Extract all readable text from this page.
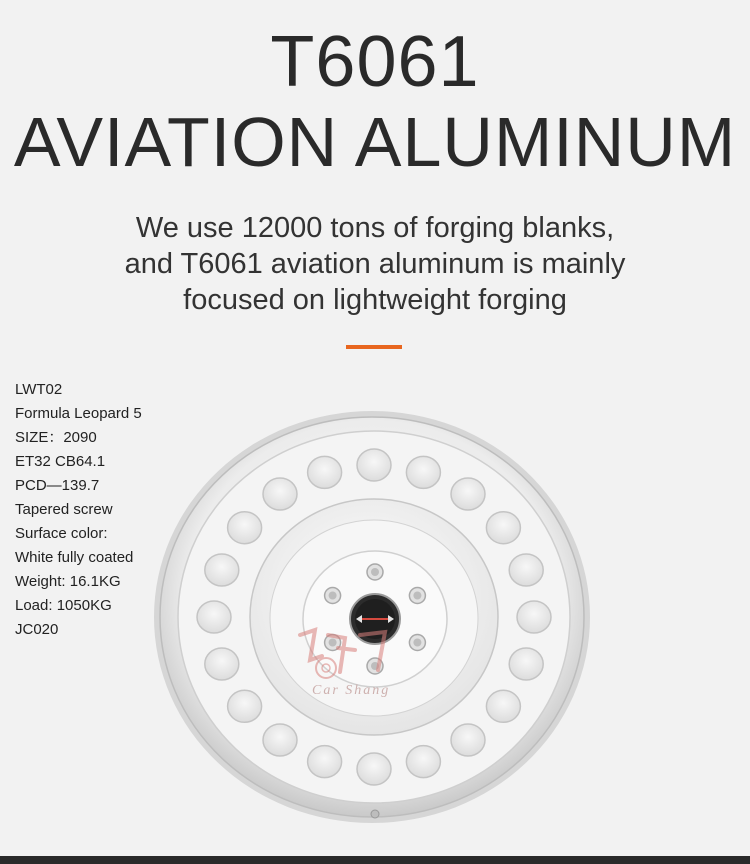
T6061
AVIATION ALUMINUM
We use 12000 tons of forging blanks,
and T6061 aviation aluminum is mainly
focused on lightweight forging
LWT02
Formula Leopard 5
SIZE：2090
ET32 CB64.1
PCD—139.7
Tapered screw
Surface color:
White fully coated
Weight: 16.1KG
Load: 1050KG
JC020
Car Shang
